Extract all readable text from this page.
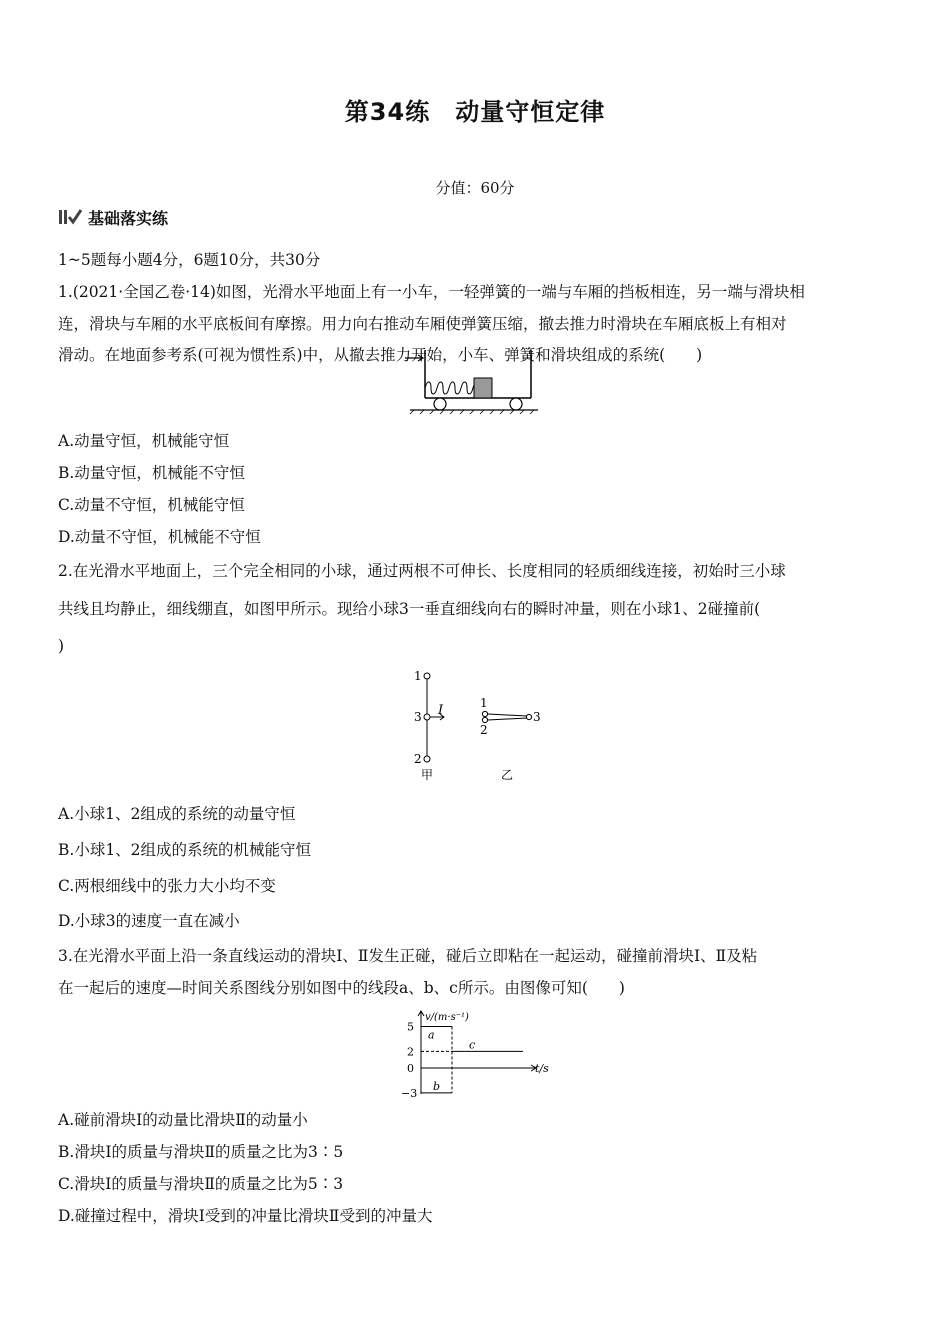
第34练　动量守恒定律
分值：60分
基础落实练
1~5题每小题4分，6题10分，共30分
1.(2021·全国乙卷·14)如图，光滑水平地面上有一小车，一轻弹簧的一端与车厢的挡板相连，另一端与滑块相
连，滑块与车厢的水平底板间有摩擦。用力向右推动车厢使弹簧压缩，撤去推力时滑块在车厢底板上有相对
滑动。在地面参考系(可视为惯性系)中，从撤去推力开始，小车、弹簧和滑块组成的系统(　　)
A.动量守恒，机械能守恒
B.动量守恒，机械能不守恒
C.动量不守恒，机械能守恒
D.动量不守恒，机械能不守恒
2.在光滑水平地面上，三个完全相同的小球，通过两根不可伸长、长度相同的轻质细线连接，初始时三小球
共线且均静止，细线绷直，如图甲所示。现给小球3一垂直细线向右的瞬时冲量，则在小球1、2碰撞前(
)
1
3
2
I
甲
1
2
3
乙
A.小球1、2组成的系统的动量守恒
B.小球1、2组成的系统的机械能守恒
C.两根细线中的张力大小均不变
D.小球3的速度一直在减小
3.在光滑水平面上沿一条直线运动的滑块Ⅰ、Ⅱ发生正碰，碰后立即粘在一起运动，碰撞前滑块Ⅰ、Ⅱ及粘
在一起后的速度—时间关系图线分别如图中的线段a、b、c所示。由图像可知(　　)
v/(m·s⁻¹)
t/s
5
2
0
−3
a
b
c
A.碰前滑块Ⅰ的动量比滑块Ⅱ的动量小
B.滑块Ⅰ的质量与滑块Ⅱ的质量之比为3∶5
C.滑块Ⅰ的质量与滑块Ⅱ的质量之比为5∶3
D.碰撞过程中，滑块Ⅰ受到的冲量比滑块Ⅱ受到的冲量大
